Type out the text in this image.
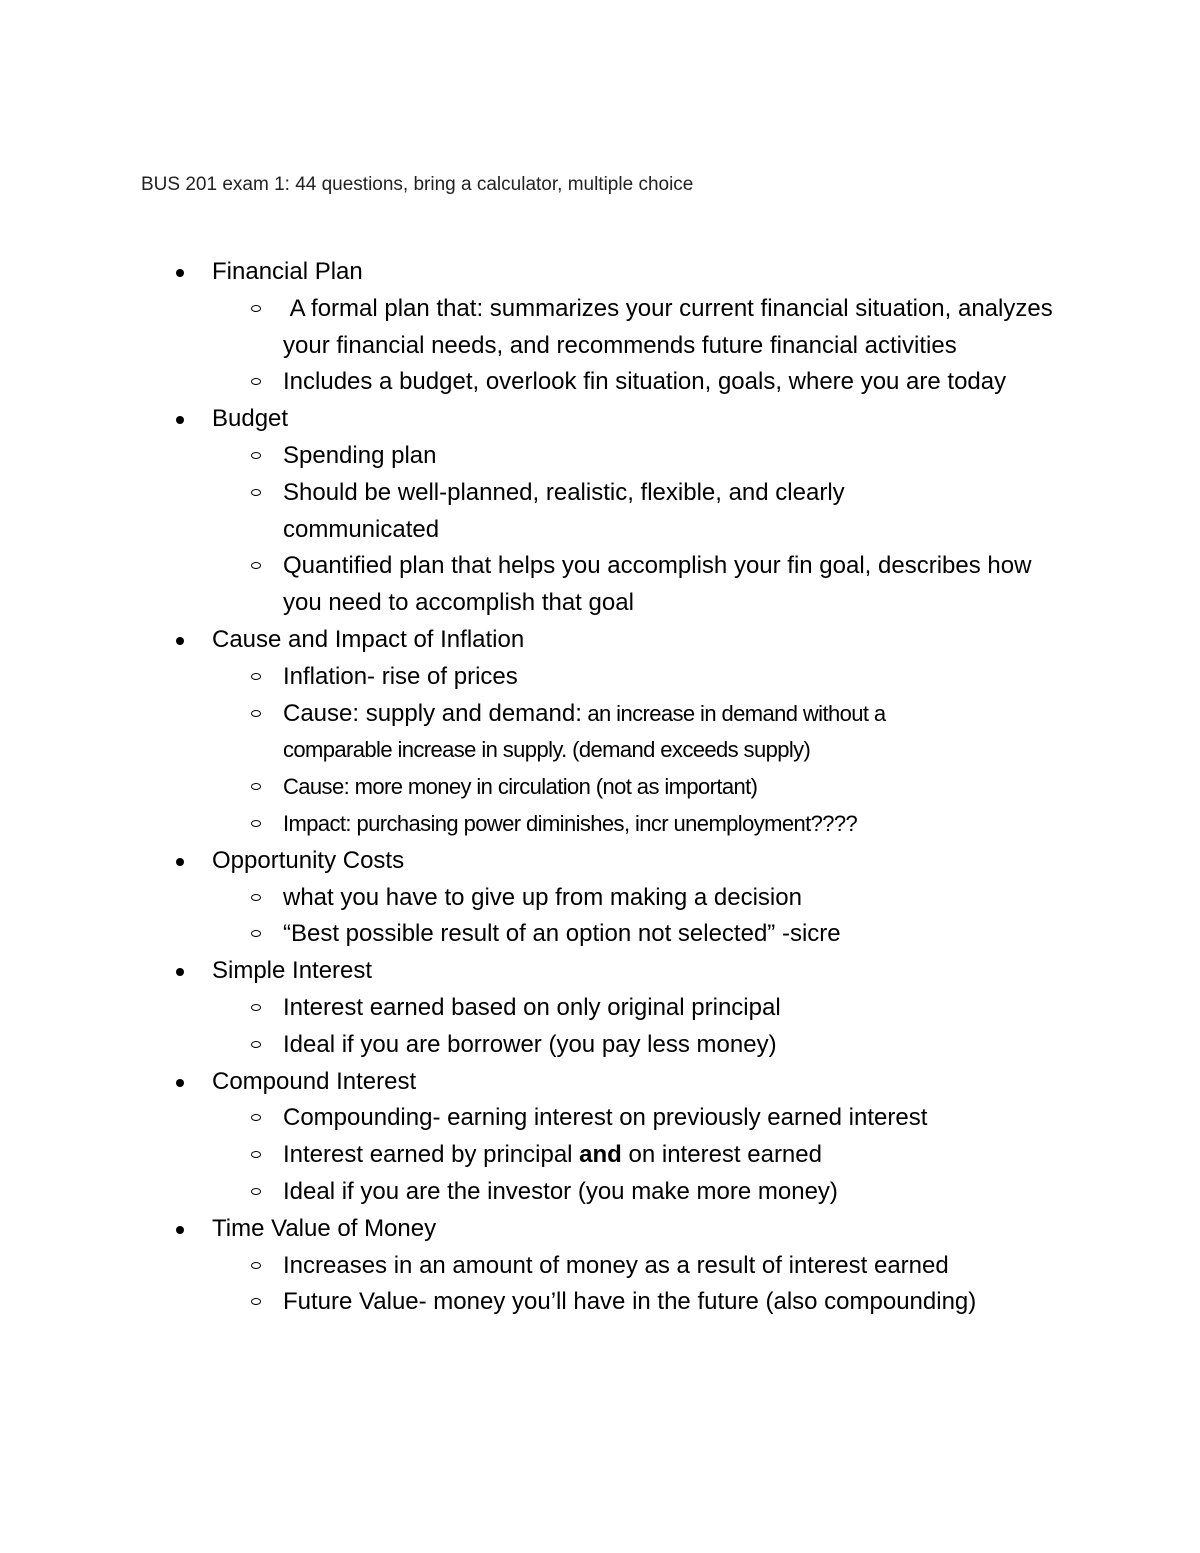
BUS 201 exam 1: 44 questions, bring a calculator, multiple choice
Financial Plan
A formal plan that: summarizes your current financial situation, analyzes your financial needs, and recommends future financial activities
Includes a budget, overlook fin situation, goals, where you are today
Budget
Spending plan
Should be well-planned, realistic, flexible, and clearly communicated
Quantified plan that helps you accomplish your fin goal, describes how you need to accomplish that goal
Cause and Impact of Inflation
Inflation- rise of prices
Cause: supply and demand: an increase in demand without a comparable increase in supply. (demand exceeds supply)
Cause: more money in circulation (not as important)
Impact: purchasing power diminishes, incr unemployment????
Opportunity Costs
what you have to give up from making a decision
“Best possible result of an option not selected” -sicre
Simple Interest
Interest earned based on only original principal
Ideal if you are borrower (you pay less money)
Compound Interest
Compounding- earning interest on previously earned interest
Interest earned by principal and on interest earned
Ideal if you are the investor (you make more money)
Time Value of Money
Increases in an amount of money as a result of interest earned
Future Value- money you’ll have in the future (also compounding)
